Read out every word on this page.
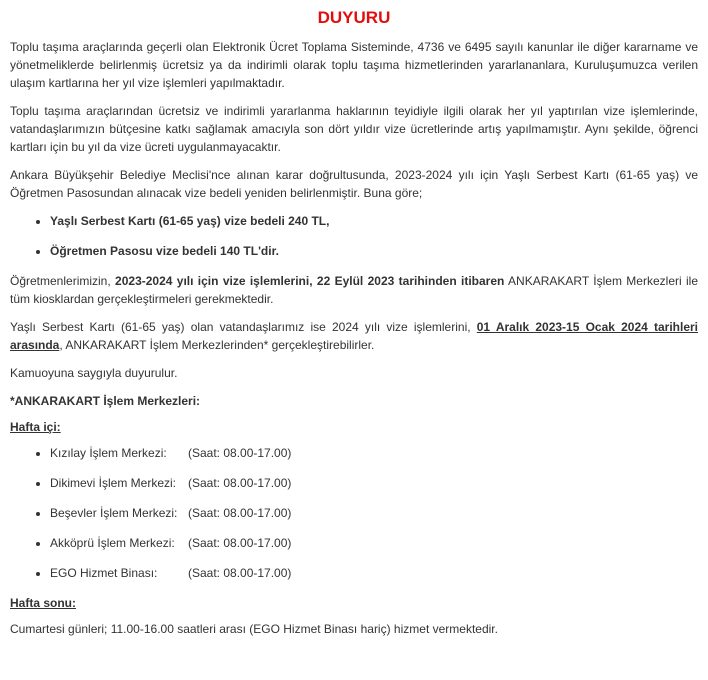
DUYURU

Toplu taşıma araçlarında geçerli olan Elektronik Ücret Toplama Sisteminde, 4736 ve 6495 sayılı kanunlar ile diğer kararname ve yönetmeliklerde belirlenmiş ücretsiz ya da indirimli olarak toplu taşıma hizmetlerinden yararlananlara, Kuruluşumuzca verilen ulaşım kartlarına her yıl vize işlemleri yapılmaktadır.

Toplu taşıma araçlarından ücretsiz ve indirimli yararlanma haklarının teyidiyle ilgili olarak her yıl yaptırılan vize işlemlerinde, vatandaşlarımızın bütçesine katkı sağlamak amacıyla son dört yıldır vize ücretlerinde artış yapılmamıştır. Aynı şekilde, öğrenci kartları için bu yıl da vize ücreti uygulanmayacaktır.

Ankara Büyükşehir Belediye Meclisi'nce alınan karar doğrultusunda, 2023-2024 yılı için Yaşlı Serbest Kartı (61-65 yaş) ve Öğretmen Pasosundan alınacak vize bedeli yeniden belirlenmiştir. Buna göre;

• Yaşlı Serbest Kartı (61-65 yaş) vize bedeli 240 TL,
• Öğretmen Pasosu vize bedeli 140 TL'dir.

Öğretmenlerimizin, 2023-2024 yılı için vize işlemlerini, 22 Eylül 2023 tarihinden itibaren ANKARAKART İşlem Merkezleri ile tüm kiosklardan gerçekleştirmeleri gerekmektedir.

Yaşlı Serbest Kartı (61-65 yaş) olan vatandaşlarımız ise 2024 yılı vize işlemlerini, 01 Aralık 2023-15 Ocak 2024 tarihleri arasında, ANKARAKART İşlem Merkezlerinden* gerçekleştirebilirler.

Kamuoyuna saygıyla duyurulur.

*ANKARAKART İşlem Merkezleri:
Hafta içi:
• Kızılay İşlem Merkezi: (Saat: 08.00-17.00)
• Dikimevi İşlem Merkezi: (Saat: 08.00-17.00)
• Beşevler İşlem Merkezi: (Saat: 08.00-17.00)
• Akköprü İşlem Merkezi: (Saat: 08.00-17.00)
• EGO Hizmet Binası:	(Saat: 08.00-17.00)
Hafta sonu:

Cumartesi günleri; 11.00-16.00 saatleri arası (EGO Hizmet Binası hariç) hizmet vermektedir.
